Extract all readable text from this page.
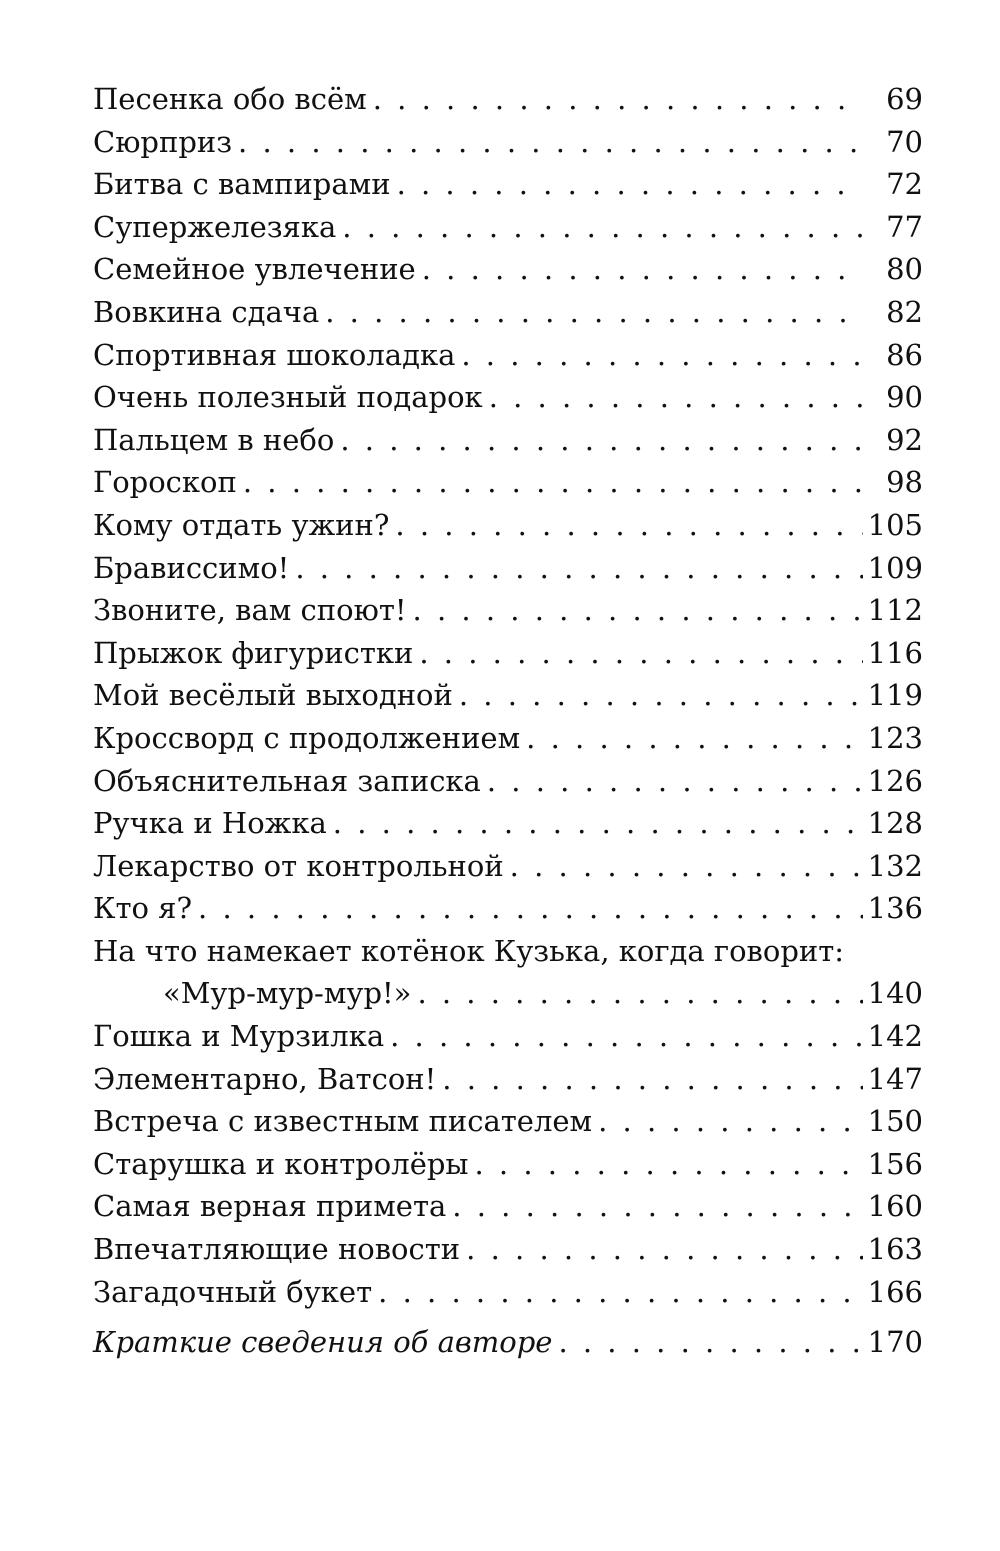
Песенка обо всём . . .	69
Сюрприз . . .	70
Битва с вампирами . . .	72
Супержелезяка . . .	77
Семейное увлечение . . .	80
Вовкина сдача . . .	82
Спортивная шоколадка . . .	86
Очень полезный подарок . . .	90
Пальцем в небо . . .	92
Гороскоп . . .	98
Кому отдать ужин? . . .	105
Брависсимо! . . .	109
Звоните, вам споют! . . .	112
Прыжок фигуристки . . .	116
Мой весёлый выходной . . .	119
Кроссворд с продолжением . . .	123
Объяснительная записка . . .	126
Ручка и Ножка . . .	128
Лекарство от контрольной . . .	132
Кто я? . . .	136
На что намекает котёнок Кузька, когда говорит:
«Мур-мур-мур!» . . .	140
Гошка и Мурзилка . . .	142
Элементарно, Ватсон! . . .	147
Встреча с известным писателем . . .	150
Старушка и контролёры . . .	156
Самая верная примета . . .	160
Впечатляющие новости . . .	163
Загадочный букет . . .	166
Краткие сведения об авторе . . .	170
